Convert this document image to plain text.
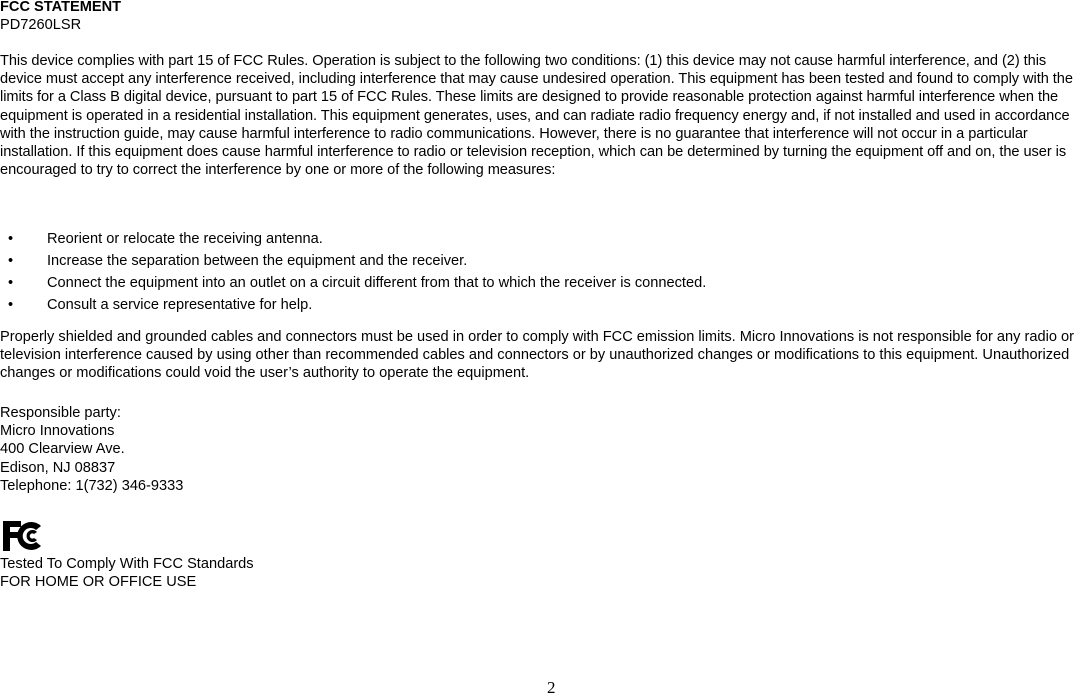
FCC STATEMENT
PD7260LSR

This device complies with part 15 of FCC Rules. Operation is subject to the following two conditions: (1) this device may not cause harmful interference, and (2) this device must accept any interference received, including interference that may cause undesired operation. This equipment has been tested and found to comply with the limits for a Class B digital device, pursuant to part 15 of FCC Rules. These limits are designed to provide reasonable protection against harmful interference when the equipment is operated in a residential installation. This equipment generates, uses, and can radiate radio frequency energy and, if not installed and used in accordance with the instruction guide, may cause harmful interference to radio communications. However, there is no guarantee that interference will not occur in a particular installation. If this equipment does cause harmful interference to radio or television reception, which can be determined by turning the equipment off and on, the user is encouraged to try to correct the interference by one or more of the following measures:

• Reorient or relocate the receiving antenna.
• Increase the separation between the equipment and the receiver.
• Connect the equipment into an outlet on a circuit different from that to which the receiver is connected.
• Consult a service representative for help.

Properly shielded and grounded cables and connectors must be used in order to comply with FCC emission limits. Micro Innovations is not responsible for any radio or television interference caused by using other than recommended cables and connectors or by unauthorized changes or modifications to this equipment. Unauthorized changes or modifications could void the user’s authority to operate the equipment.

Responsible party:
Micro Innovations
400 Clearview Ave.
Edison, NJ 08837
Telephone: 1(732) 346-9333
Tested To Comply With FCC Standards
FOR HOME OR OFFICE USE
2
